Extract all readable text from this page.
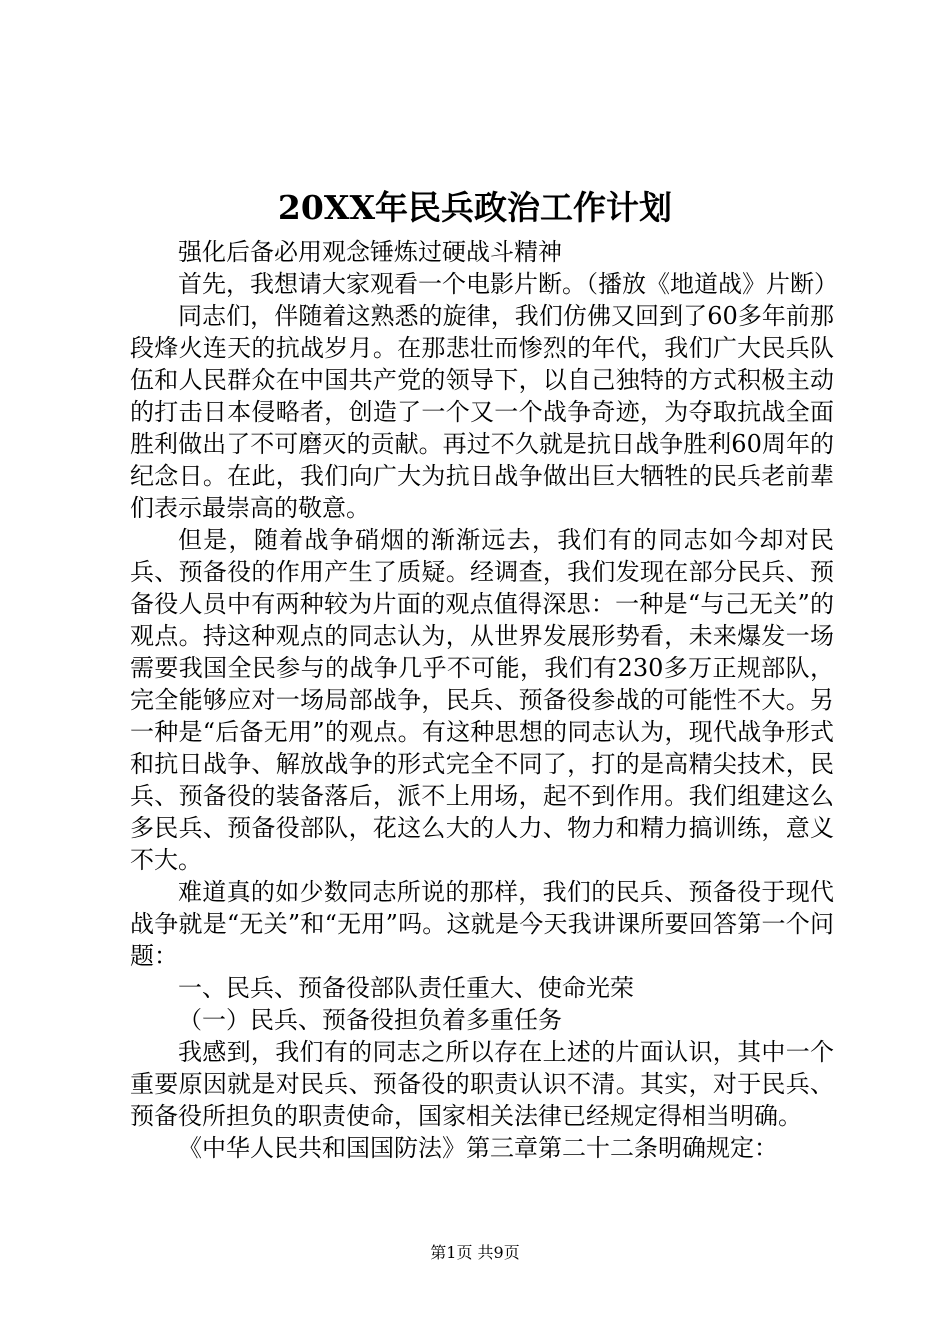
20XX年民兵政治工作计划

强化后备必用观念锤炼过硬战斗精神

首先，我想请大家观看一个电影片断。（播放《地道战》片断）

同志们，伴随着这熟悉的旋律，我们仿佛又回到了60多年前那段烽火连天的抗战岁月。在那悲壮而惨烈的年代，我们广大民兵队伍和人民群众在中国共产党的领导下，以自己独特的方式积极主动的打击日本侵略者，创造了一个又一个战争奇迹，为夺取抗战全面胜利做出了不可磨灭的贡献。再过不久就是抗日战争胜利60周年的纪念日。在此，我们向广大为抗日战争做出巨大牺牲的民兵老前辈们表示最崇高的敬意。

但是，随着战争硝烟的渐渐远去，我们有的同志如今却对民兵、预备役的作用产生了质疑。经调查，我们发现在部分民兵、预备役人员中有两种较为片面的观点值得深思：一种是“与己无关”的观点。持这种观点的同志认为，从世界发展形势看，未来爆发一场需要我国全民参与的战争几乎不可能，我们有230多万正规部队，完全能够应对一场局部战争，民兵、预备役参战的可能性不大。另一种是“后备无用”的观点。有这种思想的同志认为，现代战争形式和抗日战争、解放战争的形式完全不同了，打的是高精尖技术，民兵、预备役的装备落后，派不上用场，起不到作用。我们组建这么多民兵、预备役部队，花这么大的人力、物力和精力搞训练，意义不大。

难道真的如少数同志所说的那样，我们的民兵、预备役于现代战争就是“无关”和“无用”吗。这就是今天我讲课所要回答第一个问题：

一、民兵、预备役部队责任重大、使命光荣

（一）民兵、预备役担负着多重任务

我感到，我们有的同志之所以存在上述的片面认识，其中一个重要原因就是对民兵、预备役的职责认识不清。其实，对于民兵、预备役所担负的职责使命，国家相关法律已经规定得相当明确。

《中华人民共和国国防法》第三章第二十二条明确规定：

第1页 共9页
